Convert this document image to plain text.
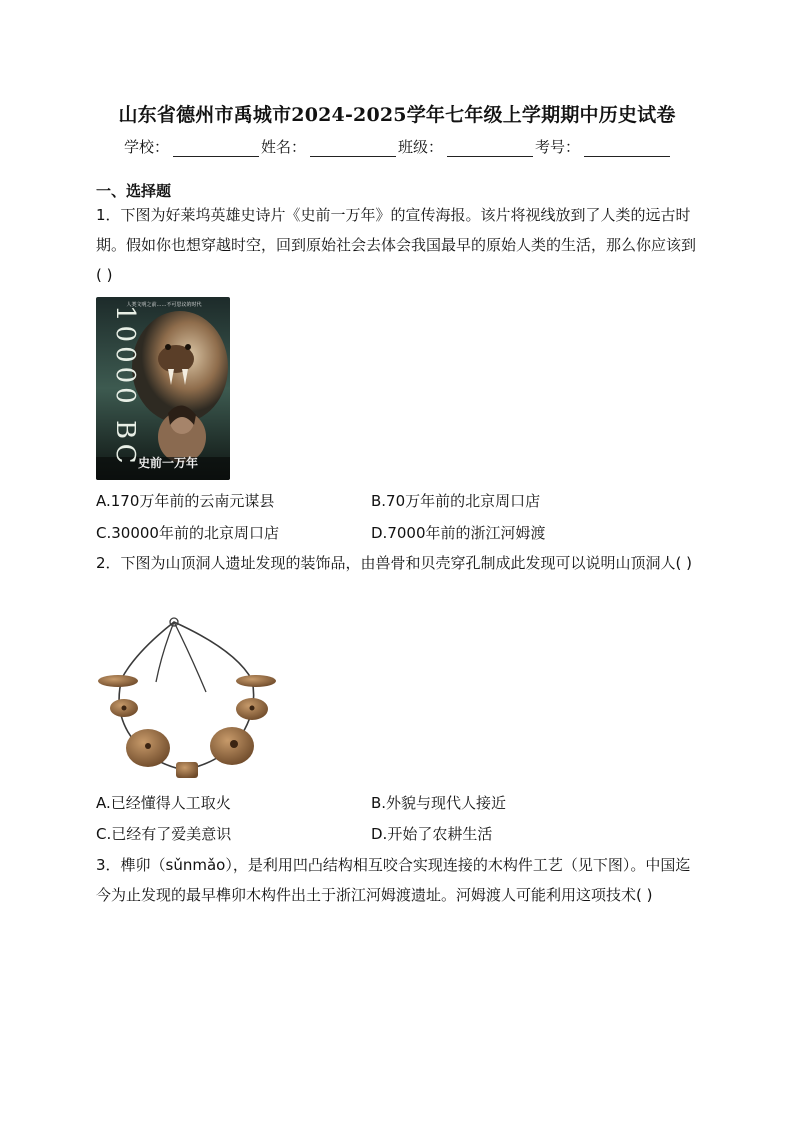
山东省德州市禹城市2024-2025学年七年级上学期期中历史试卷
学校：	姓名：	班级：	考号：
一、选择题
1．下图为好莱坞英雄史诗片《史前一万年》的宣传海报。该片将视线放到了人类的远古时期。假如你也想穿越时空，回到原始社会去体会我国最早的原始人类的生活，那么你应该到( )
人类文明之前……不可思议的时代
10000 BC
史前一万年
A.170万年前的云南元谋县	B.70万年前的北京周口店
C.30000年前的北京周口店	D.7000年前的浙江河姆渡
2．下图为山顶洞人遗址发现的装饰品，由兽骨和贝壳穿孔制成此发现可以说明山顶洞人( )
A.已经懂得人工取火	B.外貌与现代人接近
C.已经有了爱美意识	D.开始了农耕生活
3．榫卯（sǔnmǎo），是利用凹凸结构相互咬合实现连接的木构件工艺（见下图）。中国迄今为止发现的最早榫卯木构件出土于浙江河姆渡遗址。河姆渡人可能利用这项技术( )
